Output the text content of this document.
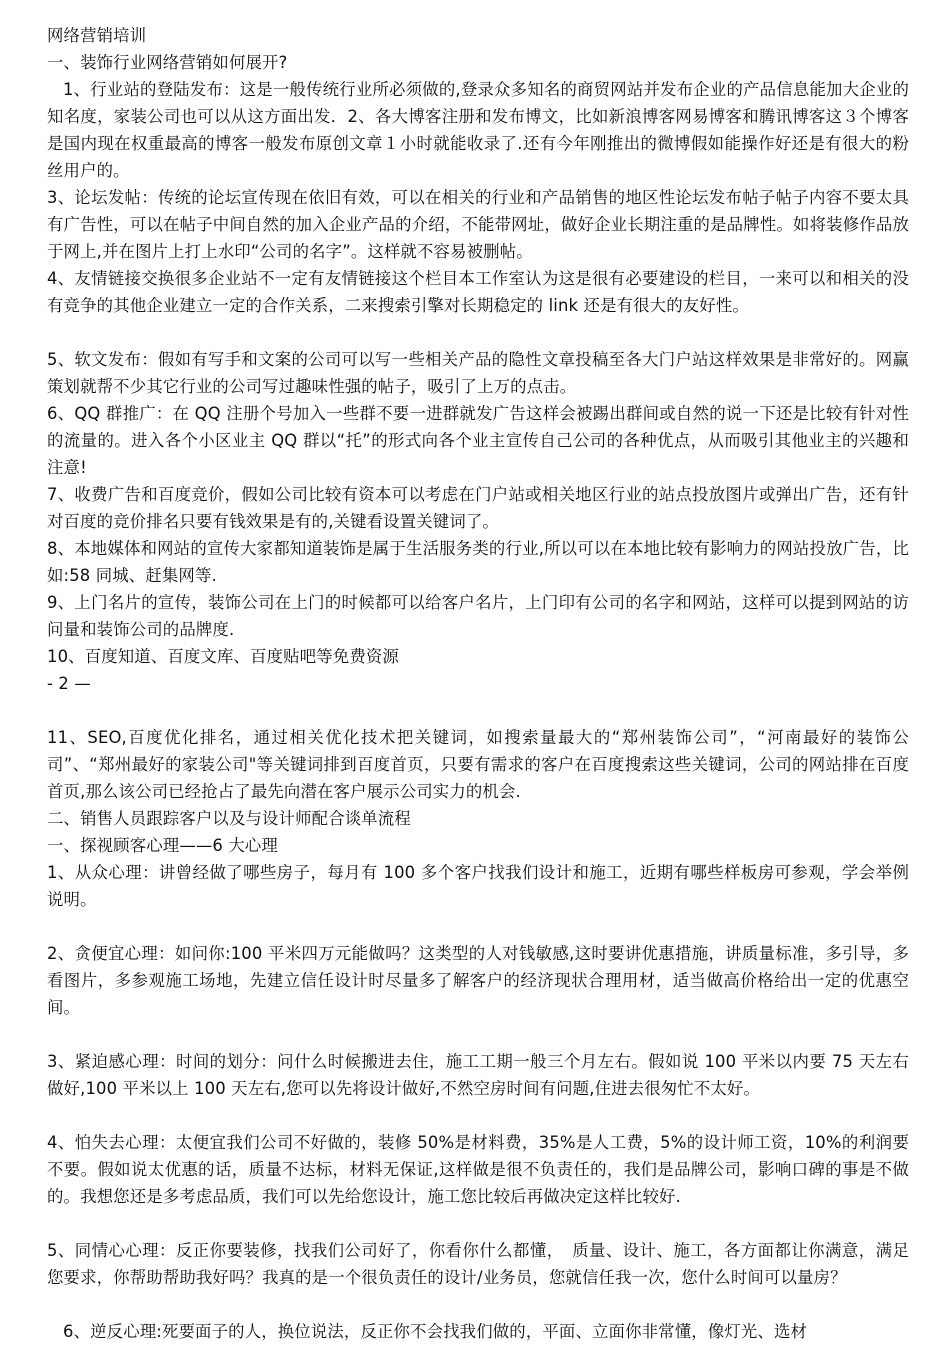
网络营销培训
一、装饰行业网络营销如何展开?
1、行业站的登陆发布：这是一般传统行业所必须做的,登录众多知名的商贸网站并发布企业的产品信息能加大企业的知名度，家装公司也可以从这方面出发．2、各大博客注册和发布博文，比如新浪博客网易博客和腾讯博客这３个博客是国内现在权重最高的博客一般发布原创文章１小时就能收录了.还有今年刚推出的微博假如能操作好还是有很大的粉丝用户的。
3、论坛发帖：传统的论坛宣传现在依旧有效，可以在相关的行业和产品销售的地区性论坛发布帖子帖子内容不要太具有广告性，可以在帖子中间自然的加入企业产品的介绍，不能带网址，做好企业长期注重的是品牌性。如将装修作品放于网上,并在图片上打上水印“公司的名字”。这样就不容易被删帖。
4、友情链接交换很多企业站不一定有友情链接这个栏目本工作室认为这是很有必要建设的栏目，一来可以和相关的没有竞争的其他企业建立一定的合作关系，二来搜索引擎对长期稳定的 link 还是有很大的友好性。
5、软文发布：假如有写手和文案的公司可以写一些相关产品的隐性文章投稿至各大门户站这样效果是非常好的。网赢策划就帮不少其它行业的公司写过趣味性强的帖子，吸引了上万的点击。
6、QQ 群推广：在 QQ 注册个号加入一些群不要一进群就发广告这样会被踢出群间或自然的说一下还是比较有针对性的流量的。进入各个小区业主 QQ 群以“托”的形式向各个业主宣传自己公司的各种优点，从而吸引其他业主的兴趣和注意!
7、收费广告和百度竞价，假如公司比较有资本可以考虑在门户站或相关地区行业的站点投放图片或弹出广告，还有针对百度的竞价排名只要有钱效果是有的,关键看设置关键词了。
8、本地媒体和网站的宣传大家都知道装饰是属于生活服务类的行业,所以可以在本地比较有影响力的网站投放广告，比如:58 同城、赶集网等.
9、上门名片的宣传，装饰公司在上门的时候都可以给客户名片，上门印有公司的名字和网站，这样可以提到网站的访问量和装饰公司的品牌度.
10、百度知道、百度文库、百度贴吧等免费资源
- 2 —
11、SEO,百度优化排名，通过相关优化技术把关键词，如搜索量最大的“郑州装饰公司”，“河南最好的装饰公司”、“郑州最好的家装公司"等关键词排到百度首页，只要有需求的客户在百度搜索这些关键词，公司的网站排在百度首页,那么该公司已经抢占了最先向潜在客户展示公司实力的机会.
二、销售人员跟踪客户以及与设计师配合谈单流程
一、探视顾客心理——6 大心理
1、从众心理：讲曾经做了哪些房子，每月有 100 多个客户找我们设计和施工，近期有哪些样板房可参观，学会举例说明。
2、贪便宜心理：如问你:100 平米四万元能做吗？这类型的人对钱敏感,这时要讲优惠措施，讲质量标准，多引导，多看图片，多参观施工场地，先建立信任设计时尽量多了解客户的经济现状合理用材，适当做高价格给出一定的优惠空间。
3、紧迫感心理：时间的划分：问什么时候搬进去住，施工工期一般三个月左右。假如说 100 平米以内要 75 天左右做好,100 平米以上 100 天左右,您可以先将设计做好,不然空房时间有问题,住进去很匆忙不太好。
4、怕失去心理：太便宜我们公司不好做的，装修 50%是材料费，35%是人工费，5%的设计师工资，10%的利润要不要。假如说太优惠的话，质量不达标，材料无保证,这样做是很不负责任的，我们是品牌公司，影响口碑的事是不做的。我想您还是多考虑品质，我们可以先给您设计，施工您比较后再做决定这样比较好.
5、同情心心理：反正你要装修，找我们公司好了，你看你什么都懂，　质量、设计、施工，各方面都让你满意，满足您要求，你帮助帮助我好吗？我真的是一个很负责任的设计/业务员，您就信任我一次，您什么时间可以量房？
6、逆反心理:死要面子的人，换位说法，反正你不会找我们做的，平面、立面你非常懂，像灯光、选材
